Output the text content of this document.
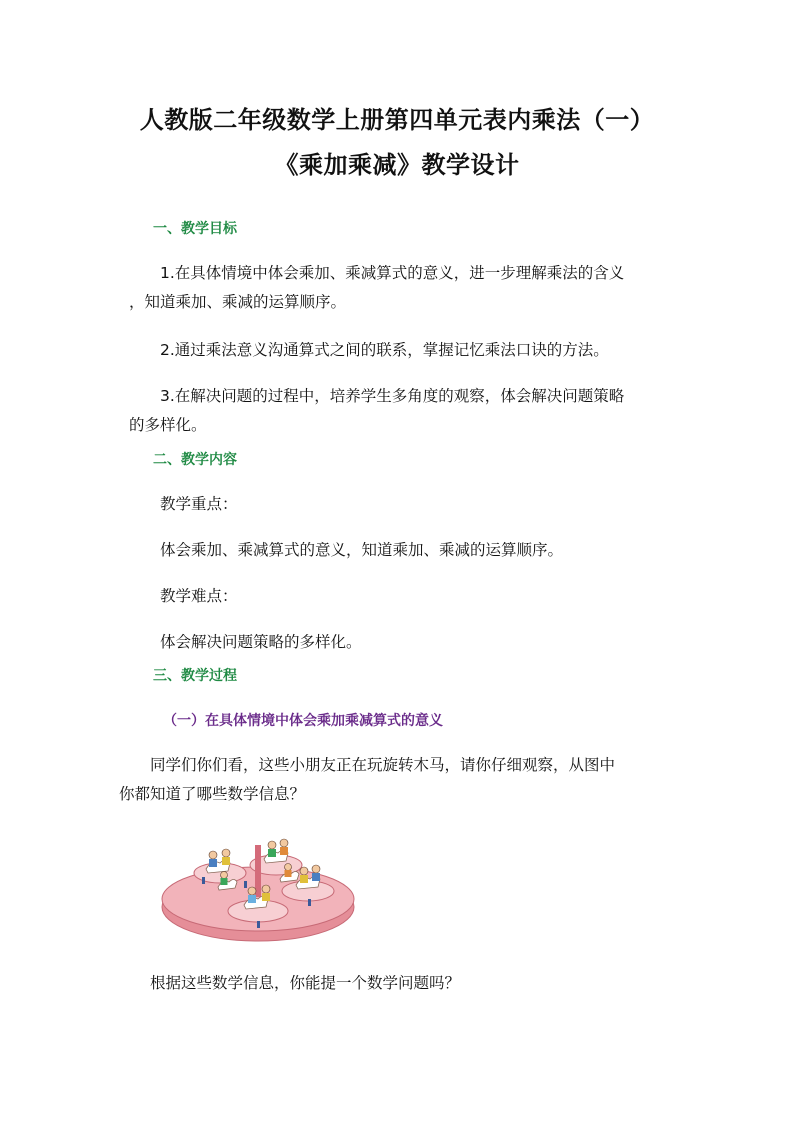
人教版二年级数学上册第四单元表内乘法（一）
《乘加乘减》教学设计
一、教学目标
1.在具体情境中体会乘加、乘减算式的意义，进一步理解乘法的含义
，知道乘加、乘减的运算顺序。
2.通过乘法意义沟通算式之间的联系，掌握记忆乘法口诀的方法。
3.在解决问题的过程中，培养学生多角度的观察，体会解决问题策略
的多样化。
二、教学内容
教学重点：
体会乘加、乘减算式的意义，知道乘加、乘减的运算顺序。
教学难点：
体会解决问题策略的多样化。
三、教学过程
（一）在具体情境中体会乘加乘减算式的意义
同学们你们看，这些小朋友正在玩旋转木马，请你仔细观察，从图中
你都知道了哪些数学信息？
根据这些数学信息，你能提一个数学问题吗？
